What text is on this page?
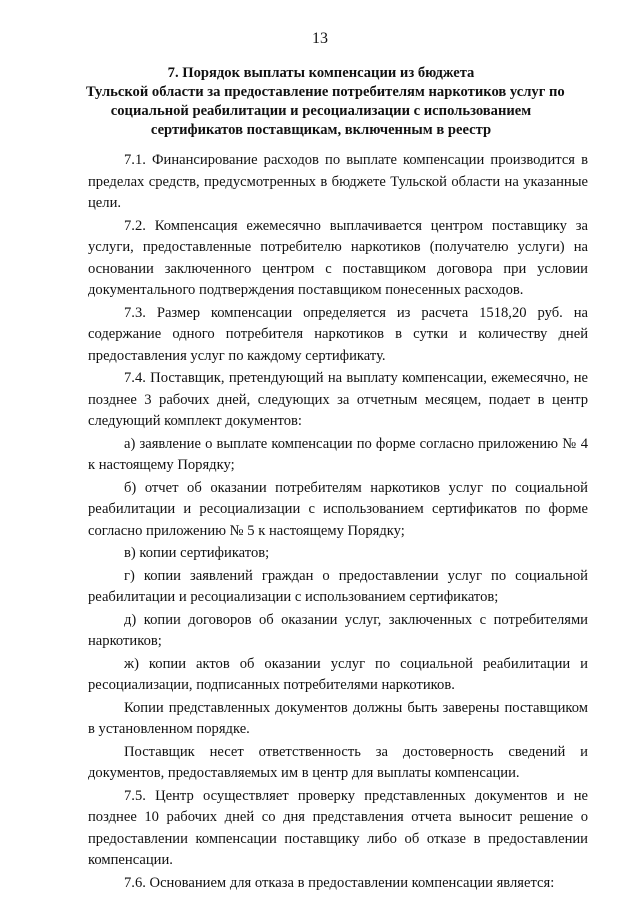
13
7. Порядок выплаты компенсации из бюджета
Тульской области за предоставление потребителям наркотиков услуг по
социальной реабилитации и ресоциализации с использованием
сертификатов поставщикам, включенным в реестр

7.1. Финансирование расходов по выплате компенсации производится в пределах средств, предусмотренных в бюджете Тульской области на указанные цели.

7.2. Компенсация ежемесячно выплачивается центром поставщику за услуги, предоставленные потребителю наркотиков (получателю услуги) на основании заключенного центром с поставщиком договора при условии документального подтверждения поставщиком понесенных расходов.

7.3. Размер компенсации определяется из расчета 1518,20 руб. на содержание одного потребителя наркотиков в сутки и количеству дней предоставления услуг по каждому сертификату.

7.4. Поставщик, претендующий на выплату компенсации, ежемесячно, не позднее 3 рабочих дней, следующих за отчетным месяцем, подает в центр следующий комплект документов:

а) заявление о выплате компенсации по форме согласно приложению № 4 к настоящему Порядку;

б) отчет об оказании потребителям наркотиков услуг по социальной реабилитации и ресоциализации с использованием сертификатов по форме согласно приложению № 5 к настоящему Порядку;

в) копии сертификатов;

г) копии заявлений граждан о предоставлении услуг по социальной реабилитации и ресоциализации с использованием сертификатов;

д) копии договоров об оказании услуг, заключенных с потребителями наркотиков;

ж) копии актов об оказании услуг по социальной реабилитации и ресоциализации, подписанных потребителями наркотиков.

Копии представленных документов должны быть заверены поставщиком в установленном порядке.

Поставщик несет ответственность за достоверность сведений и документов, предоставляемых им в центр для выплаты компенсации.

7.5. Центр осуществляет проверку представленных документов и не позднее 10 рабочих дней со дня представления отчета выносит решение о предоставлении компенсации поставщику либо об отказе в предоставлении компенсации.

7.6. Основанием для отказа в предоставлении компенсации является:
